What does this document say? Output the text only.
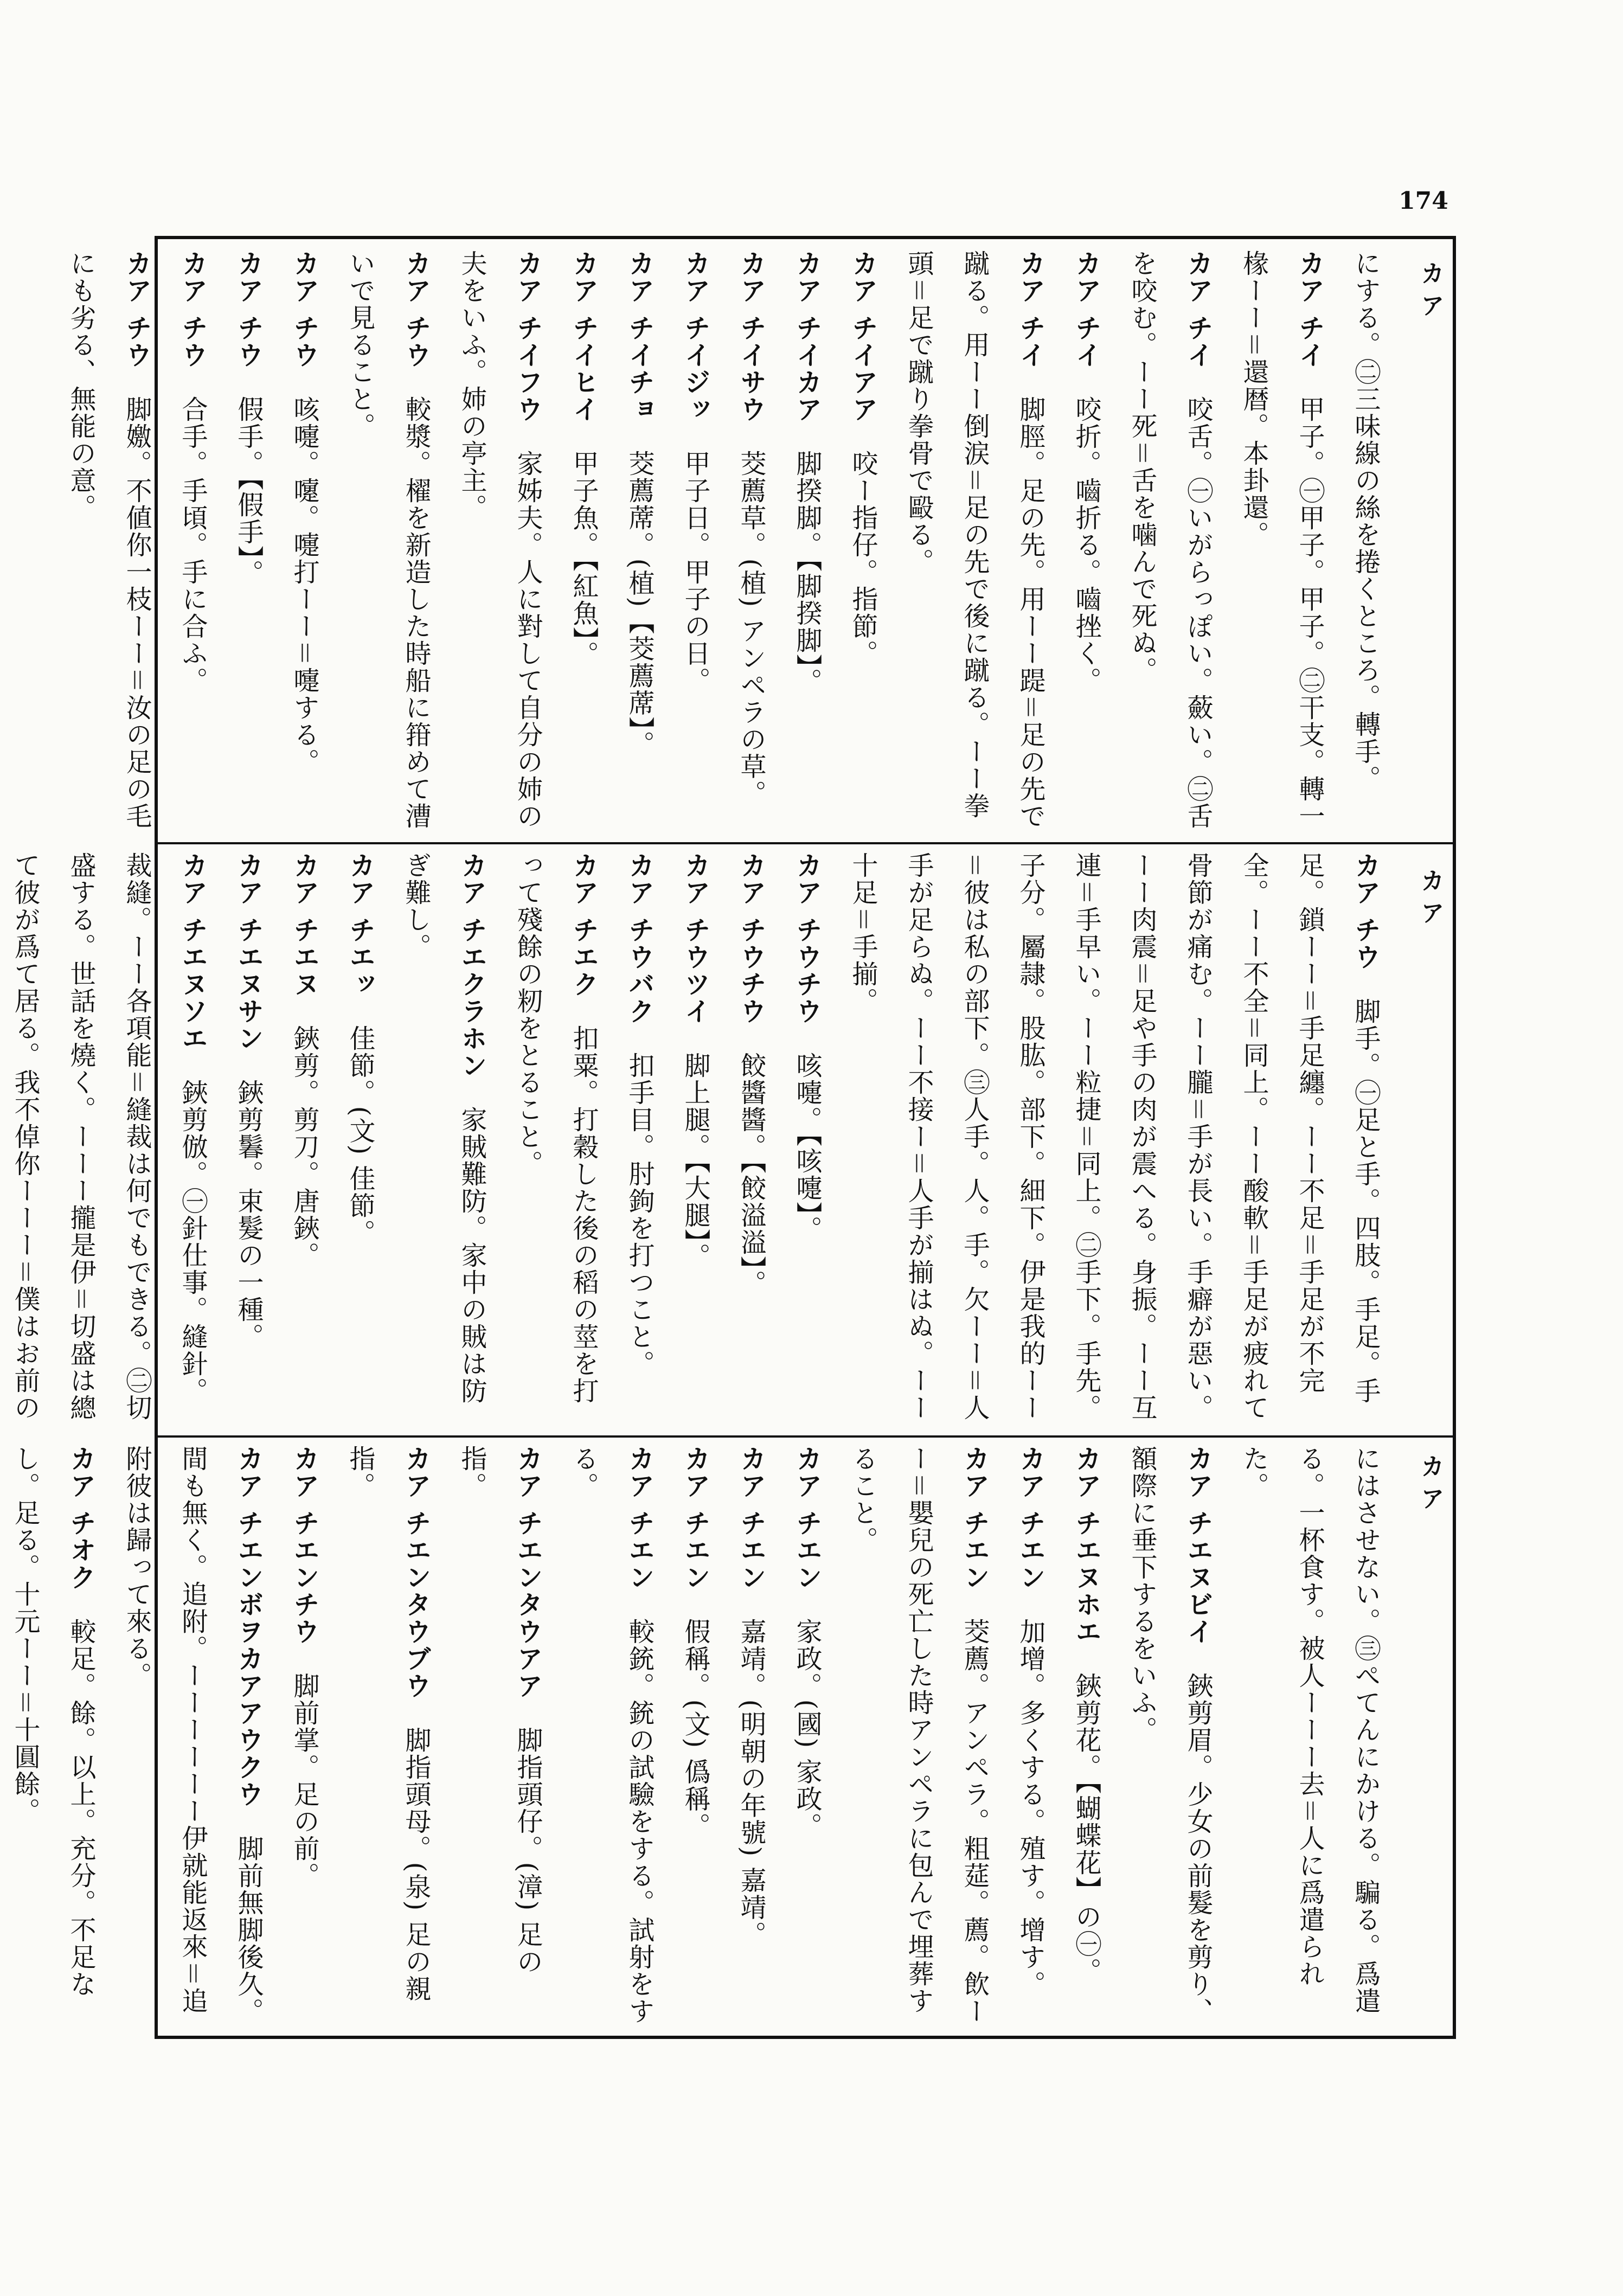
174
カ ア
カ ア
カ ア

にする。㊁三味線の絲を捲くところ。轉手。

カア チイ　甲子。㊀甲子。甲子。㊁干支。轉一椽ーー＝還暦。本卦還。

カア チイ　咬舌。㊀いがらっぽい。蘞い。㊁舌を咬む。ーー死＝舌を噛んで死ぬ。

カア チイ　咬折。嚙折る。嚙挫く。

カア チイ　脚脛。足の先。用ーー踶＝足の先で蹴る。用ーー倒涙＝足の先で後に蹴る。ーー拳頭＝足で蹴り拳骨で毆る。

カア チイアア　咬ー指仔。指節。

カア チイカア　脚揆脚。【脚揆脚】。

カア チイサウ　茭薦草。(植) アンペラの草。

カア チイジッ　甲子日。甲子の日。

カア チイチョ　茭薦蓆。(植)【茭薦蓆】。

カア チイヒイ　甲子魚。【紅魚】。

カア チイフウ　家姊夫。人に對して自分の姉の夫をいふ。姉の亭主。

カア チウ　較漿。櫂を新造した時船に箝めて漕いで見ること。

カア チウ　咳嚏。嚔。嚏打ーー＝嚏する。

カア チウ　假手。【假手】。

カア チウ　合手。手頃。手に合ふ。

カア チウ　脚嬓。不値你一枝ーー＝汝の足の毛にも劣る、無能の意。

カア チウ　脚手。㊀足と手。四肢。手足。手足。鎖ーー＝手足纏。ーー不足＝手足が不完全。ーー不全＝同上。ーー酸軟＝手足が疲れて骨節が痛む。ーー朧＝手が長い。手癖が惡い。ーー肉震＝足や手の肉が震へる。身振。ーー互連＝手早い。ーー粒捷＝同上。㊁手下。手先。子分。屬隷。股肱。部下。細下。伊是我的ーー＝彼は私の部下。㊂人手。人。手。欠ーー＝人手が足らぬ。ーー不接ー＝人手が揃はぬ。ーー十足＝手揃。

カア チウチウ　咳嚏。【咳嚏】。

カア チウチウ　餃醬醬。【餃溢溢】。

カア チウツイ　脚上腿。【大腿】。

カア チウバク　扣手目。肘鉤を打つこと。

カア チエク　扣粟。打穀した後の稻の莖を打って殘餘の籾をとること。

カア チエクラホン　家賊難防。家中の賊は防ぎ難し。

カア チエッ　佳節。(文) 佳節。

カア チエヌ　鋏剪。剪刀。唐鋏。

カア チエヌサン　鋏剪鬊。束髮の一種。

カア チエヌソエ　鋏剪倣。㊀針仕事。縫針。裁縫。ーー各項能＝縫裁は何でもできる。㊁切盛する。世話を燒く。ーーー攏是伊＝切盛は總て彼が爲て居る。我不倬你ーーー＝僕はお前の

にはさせない。㊂ぺてんにかける。騙る。爲遣る。一杯食す。被人ーーー去＝人に爲遣られた。

カア チエヌビイ　鋏剪眉。少女の前髮を剪り、額際に垂下するをいふ。

カア チエヌホエ　鋏剪花。【蝴蝶花】の㊀。

カア チエン　加增。多くする。殖す。增す。

カア チエン　茭薦。アンペラ。粗莚。薦。飲ーー＝嬰兒の死亡した時アンペラに包んで埋葬すること。

カア チエン　家政。(國) 家政。

カア チエン　嘉靖。(明朝の年號) 嘉靖。

カア チエン　假稱。(文) 僞稱。

カア チエン　較銃。銃の試驗をする。試射をする。

カア チエンタウアア　脚指頭仔。(漳) 足の指。

カア チエンタウブウ　脚指頭母。(泉) 足の親指。

カア チエンチウ　脚前掌。足の前。

カア チエンボヲカアアウクウ　脚前無脚後久。間も無く。追附。ーーーーーー伊就能返來＝追附彼は歸って來る。

カア チオク　較足。餘。以上。充分。不足なし。足る。十元ーー＝十圓餘。
